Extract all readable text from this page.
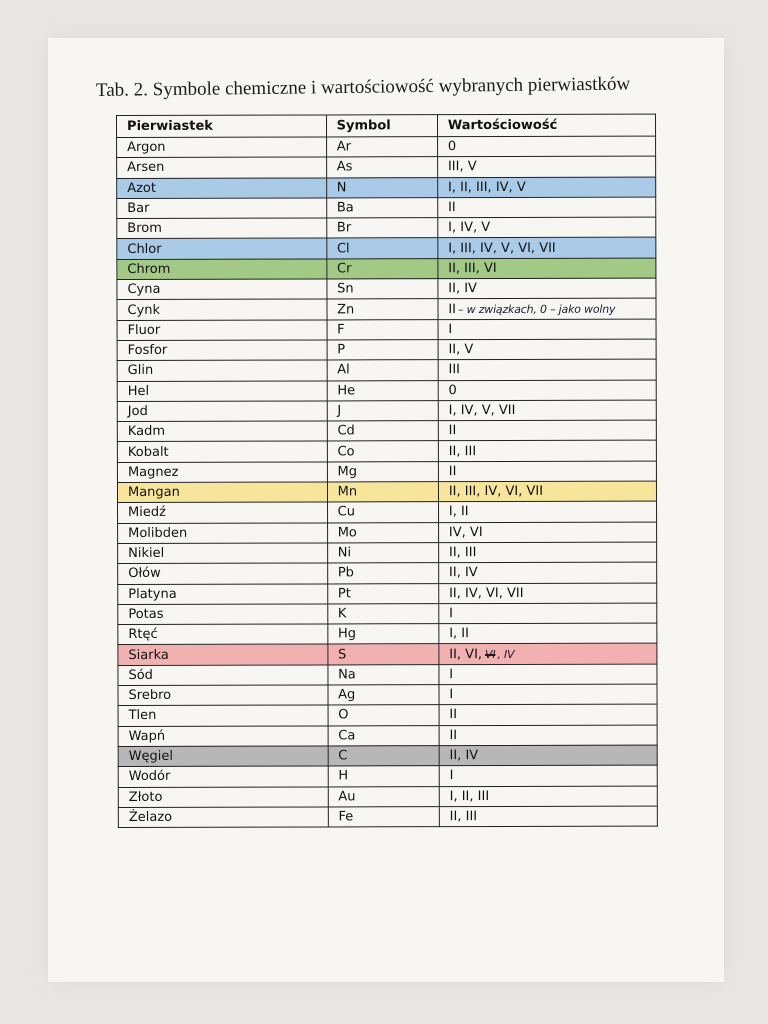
Tab. 2. Symbole chemiczne i wartościowość wybranych pierwiastków
Pierwiastek	Symbol	Wartościowość
Argon	Ar	0
Arsen	As	III, V
Azot	N	I, II, III, IV, V
Bar	Ba	II
Brom	Br	I, IV, V
Chlor	Cl	I, III, IV, V, VI, VII
Chrom	Cr	II, III, VI
Cyna	Sn	II, IV
Cynk	Zn	II – w związkach, 0 – jako wolny
Fluor	F	I
Fosfor	P	II, V
Glin	Al	III
Hel	He	0
Jod	J	I, IV, V, VII
Kadm	Cd	II
Kobalt	Co	II, III
Magnez	Mg	II
Mangan	Mn	II, III, IV, VI, VII
Miedź	Cu	I, II
Molibden	Mo	IV, VI
Nikiel	Ni	II, III
Ołów	Pb	II, IV
Platyna	Pt	II, IV, VI, VII
Potas	K	I
Rtęć	Hg	I, II
Siarka	S	II, VI, VI , IV
Sód	Na	I
Srebro	Ag	I
Tlen	O	II
Wapń	Ca	II
Węgiel	C	II, IV
Wodór	H	I
Złoto	Au	I, II, III
Żelazo	Fe	II, III
